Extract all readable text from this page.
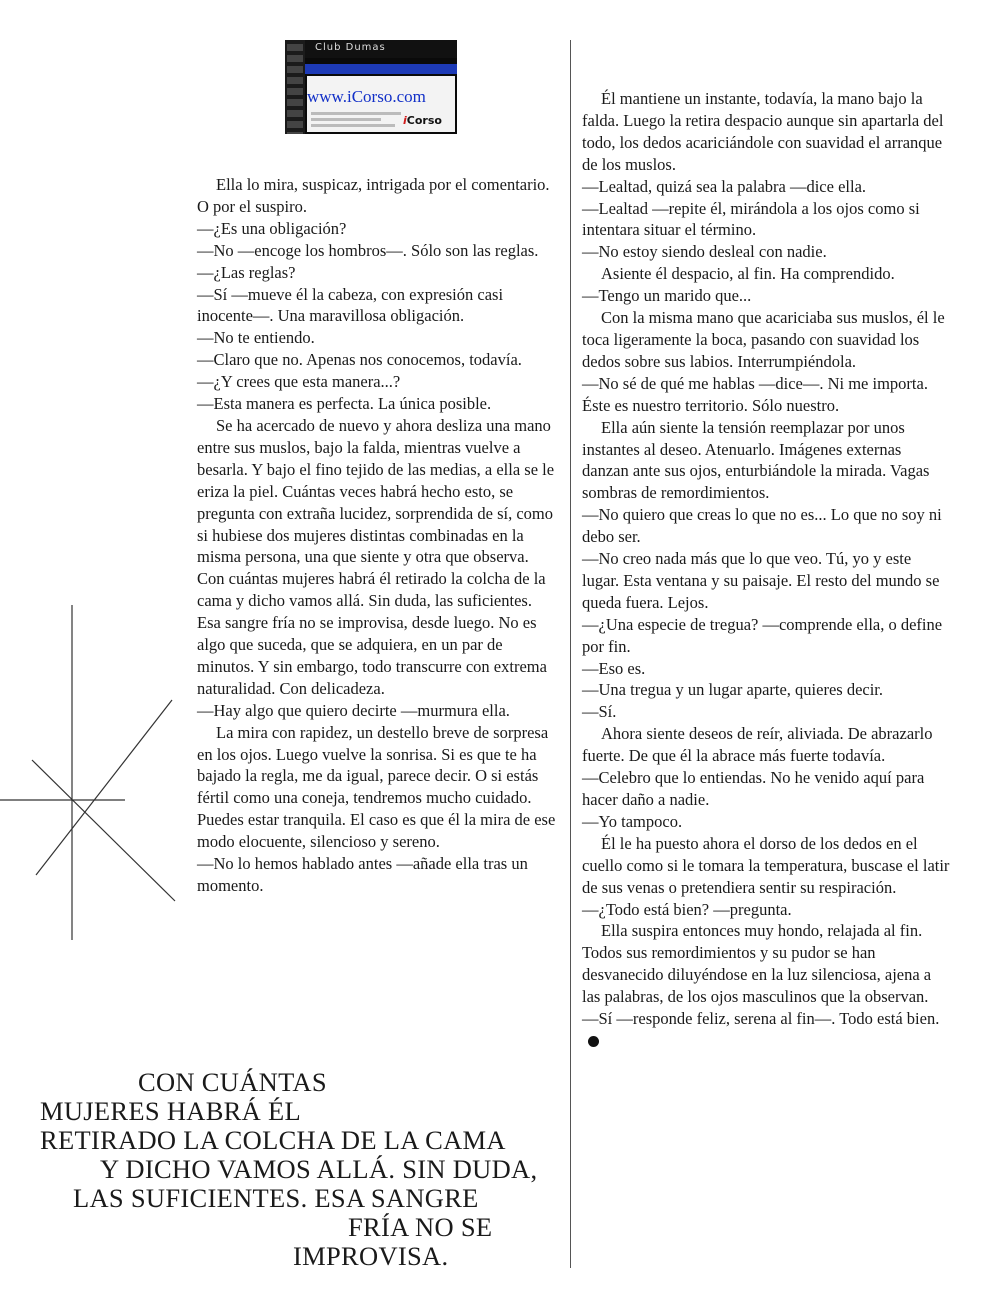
Club Dumas
www.iCorso.com
iCorso

Ella lo mira, suspicaz, intrigada por el comentario. O por el suspiro.

—¿Es una obligación?

—No —encoge los hombros—. Sólo son las reglas.

—¿Las reglas?

—Sí —mueve él la cabeza, con expresión casi inocente—. Una maravillosa obligación.

—No te entiendo.

—Claro que no. Apenas nos conocemos, todavía.

—¿Y crees que esta manera...?

—Esta manera es perfecta. La única posible.

Se ha acercado de nuevo y ahora desliza una mano entre sus muslos, bajo la falda, mientras vuelve a besarla. Y bajo el fino tejido de las medias, a ella se le eriza la piel. Cuántas veces habrá hecho esto, se pregunta con extraña lucidez, sorprendida de sí, como si hubiese dos mujeres distintas combinadas en la misma persona, una que siente y otra que observa. Con cuántas mujeres habrá él retirado la colcha de la cama y dicho vamos allá. Sin duda, las suficientes. Esa sangre fría no se improvisa, desde luego. No es algo que suceda, que se adquiera, en un par de minutos. Y sin embargo, todo transcurre con extrema naturalidad. Con delicadeza.

—Hay algo que quiero decirte —murmura ella.

La mira con rapidez, un destello breve de sorpresa en los ojos. Luego vuelve la sonrisa. Si es que te ha bajado la regla, me da igual, parece decir. O si estás fértil como una coneja, tendremos mucho cuidado. Puedes estar tranquila. El caso es que él la mira de ese modo elocuente, silencioso y sereno.

—No lo hemos hablado antes —añade ella tras un momento.

Él mantiene un instante, todavía, la mano bajo la falda. Luego la retira despacio aunque sin apartarla del todo, los dedos acariciándole con suavidad el arranque de los muslos.

—Lealtad, quizá sea la palabra —dice ella.

—Lealtad —repite él, mirándola a los ojos como si intentara situar el término.

—No estoy siendo desleal con nadie.

Asiente él despacio, al fin. Ha comprendido.

—Tengo un marido que...

Con la misma mano que acariciaba sus muslos, él le toca ligeramente la boca, pasando con suavidad los dedos sobre sus labios. Interrumpiéndola.

—No sé de qué me hablas —dice—. Ni me importa. Éste es nuestro territorio. Sólo nuestro.

Ella aún siente la tensión reemplazar por unos instantes al deseo. Atenuarlo. Imágenes externas danzan ante sus ojos, enturbiándole la mirada. Vagas sombras de remordimientos.

—No quiero que creas lo que no es... Lo que no soy ni debo ser.

—No creo nada más que lo que veo. Tú, yo y este lugar. Esta ventana y su paisaje. El resto del mundo se queda fuera. Lejos.

—¿Una especie de tregua? —comprende ella, o define por fin.

—Eso es.

—Una tregua y un lugar aparte, quieres decir.

—Sí.

Ahora siente deseos de reír, aliviada. De abrazarlo fuerte. De que él la abrace más fuerte todavía.

—Celebro que lo entiendas. No he venido aquí para hacer daño a nadie.

—Yo tampoco.

Él le ha puesto ahora el dorso de los dedos en el cuello como si le tomara la temperatura, buscase el latir de sus venas o pretendiera sentir su respiración.

—¿Todo está bien? —pregunta.

Ella suspira entonces muy hondo, relajada al fin. Todos sus remordimientos y su pudor se han desvanecido diluyéndose en la luz silenciosa, ajena a las palabras, de los ojos masculinos que la observan.

—Sí —responde feliz, serena al fin—. Todo está bien.

CON CUÁNTAS
MUJERES HABRÁ ÉL
RETIRADO LA COLCHA DE LA CAMA
Y DICHO VAMOS ALLÁ. SIN DUDA,
LAS SUFICIENTES. ESA SANGRE
FRÍA NO SE
IMPROVISA.
